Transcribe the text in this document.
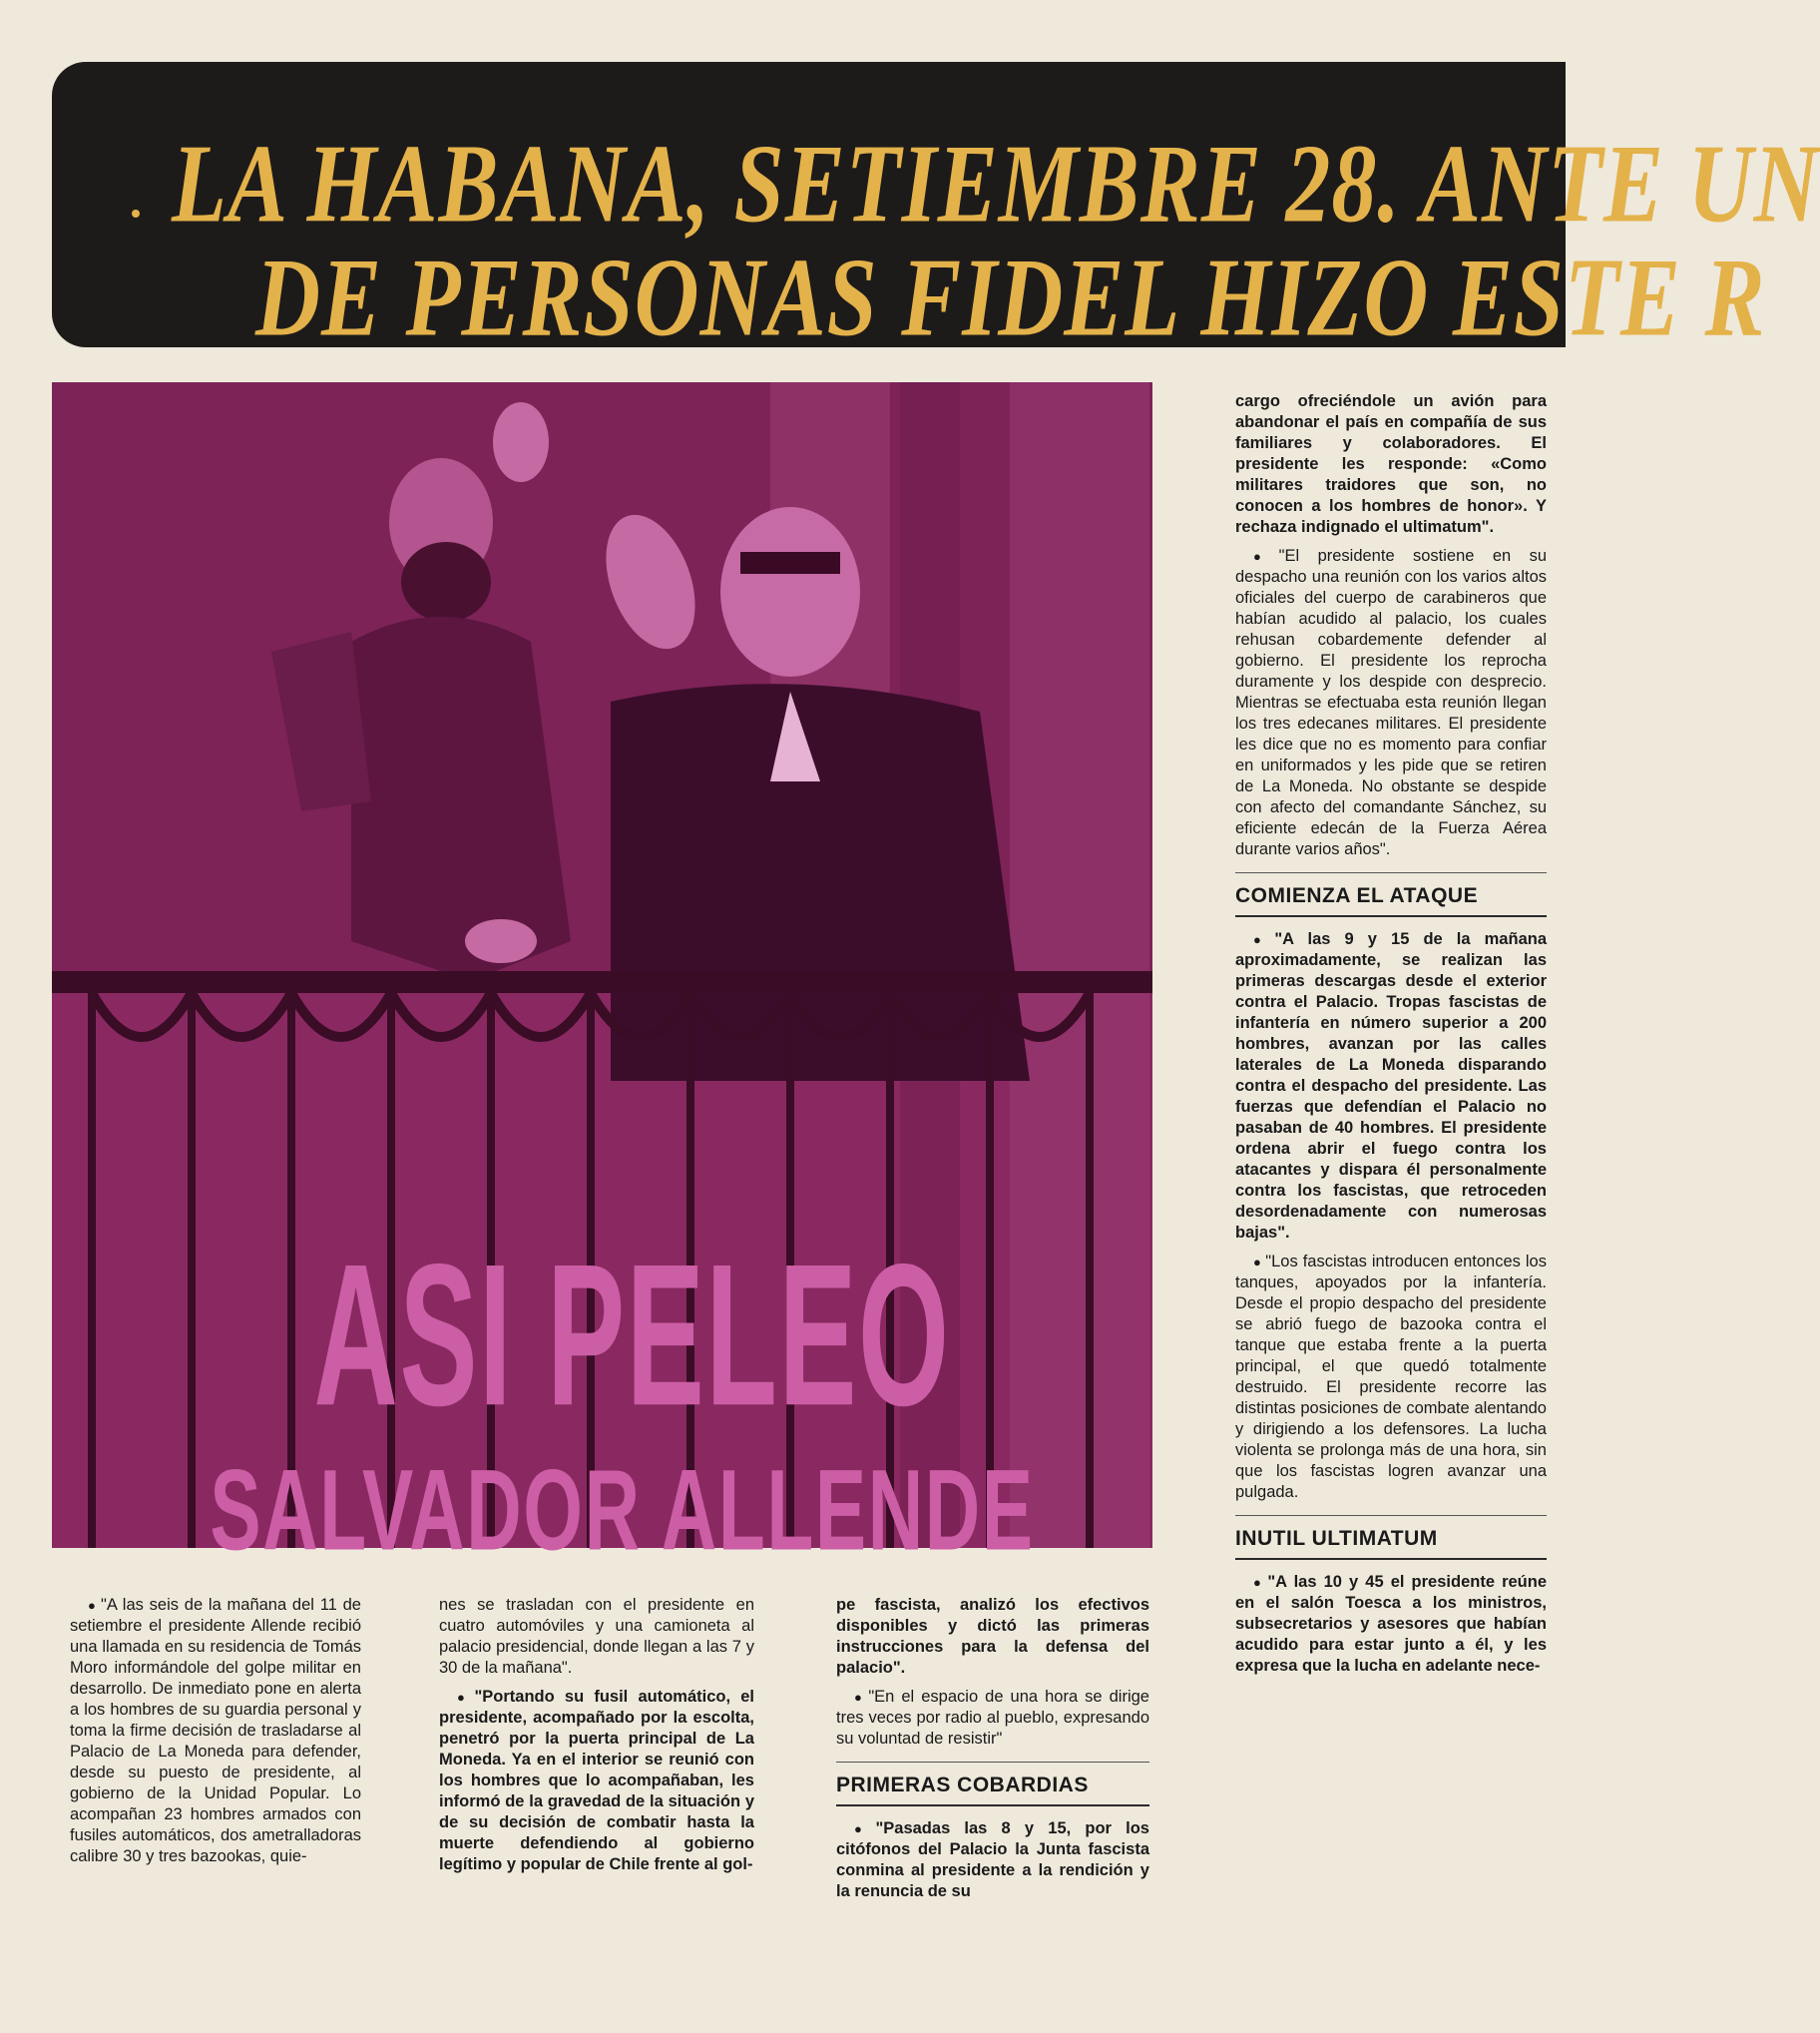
LA HABANA, SETIEMBRE 28. ANTE UN
DE PERSONAS FIDEL HIZO ESTE R
ASI PELEO
SALVADOR ALLENDE

● "A las seis de la mañana del 11 de setiembre el presidente Allende recibió una llamada en su residencia de Tomás Moro informándole del golpe militar en desarrollo. De inmediato pone en alerta a los hombres de su guardia personal y toma la firme decisión de trasladarse al Palacio de La Moneda para defender, desde su puesto de presidente, al gobierno de la Unidad Popular. Lo acompañan 23 hombres armados con fusiles automáticos, dos ametralladoras calibre 30 y tres bazookas, quie-

nes se trasladan con el presidente en cuatro automóviles y una camioneta al palacio presidencial, donde llegan a las 7 y 30 de la mañana".

● "Portando su fusil automático, el presidente, acompañado por la escolta, penetró por la puerta principal de La Moneda. Ya en el interior se reunió con los hombres que lo acompañaban, les informó de la gravedad de la situación y de su decisión de combatir hasta la muerte defendiendo al gobierno legítimo y popular de Chile frente al gol-

pe fascista, analizó los efectivos disponibles y dictó las primeras instrucciones para la defensa del palacio".

● "En el espacio de una hora se dirige tres veces por radio al pueblo, expresando su voluntad de resistir"

PRIMERAS COBARDIAS

● "Pasadas las 8 y 15, por los citófonos del Palacio la Junta fascista conmina al presidente a la rendición y la renuncia de su

cargo ofreciéndole un avión para abandonar el país en compañía de sus familiares y colaboradores. El presidente les responde: «Como militares traidores que son, no conocen a los hombres de honor». Y rechaza indignado el ultimatum".

● "El presidente sostiene en su despacho una reunión con los varios altos oficiales del cuerpo de carabineros que habían acudido al palacio, los cuales rehusan cobardemente defender al gobierno. El presidente los reprocha duramente y los despide con desprecio. Mientras se efectuaba esta reunión llegan los tres edecanes militares. El presidente les dice que no es momento para confiar en uniformados y les pide que se retiren de La Moneda. No obstante se despide con afecto del comandante Sánchez, su eficiente edecán de la Fuerza Aérea durante varios años".

COMIENZA EL ATAQUE

● "A las 9 y 15 de la mañana aproximadamente, se realizan las primeras descargas desde el exterior contra el Palacio. Tropas fascistas de infantería en número superior a 200 hombres, avanzan por las calles laterales de La Moneda disparando contra el despacho del presidente. Las fuerzas que defendían el Palacio no pasaban de 40 hombres. El presidente ordena abrir el fuego contra los atacantes y dispara él personalmente contra los fascistas, que retroceden desordenadamente con numerosas bajas".

● "Los fascistas introducen entonces los tanques, apoyados por la infantería. Desde el propio despacho del presidente se abrió fuego de bazooka contra el tanque que estaba frente a la puerta principal, el que quedó totalmente destruido. El presidente recorre las distintas posiciones de combate alentando y dirigiendo a los defensores. La lucha violenta se prolonga más de una hora, sin que los fascistas logren avanzar una pulgada.

INUTIL ULTIMATUM

● "A las 10 y 45 el presidente reúne en el salón Toesca a los ministros, subsecretarios y asesores que habían acudido para estar junto a él, y les expresa que la lucha en adelante nece-
